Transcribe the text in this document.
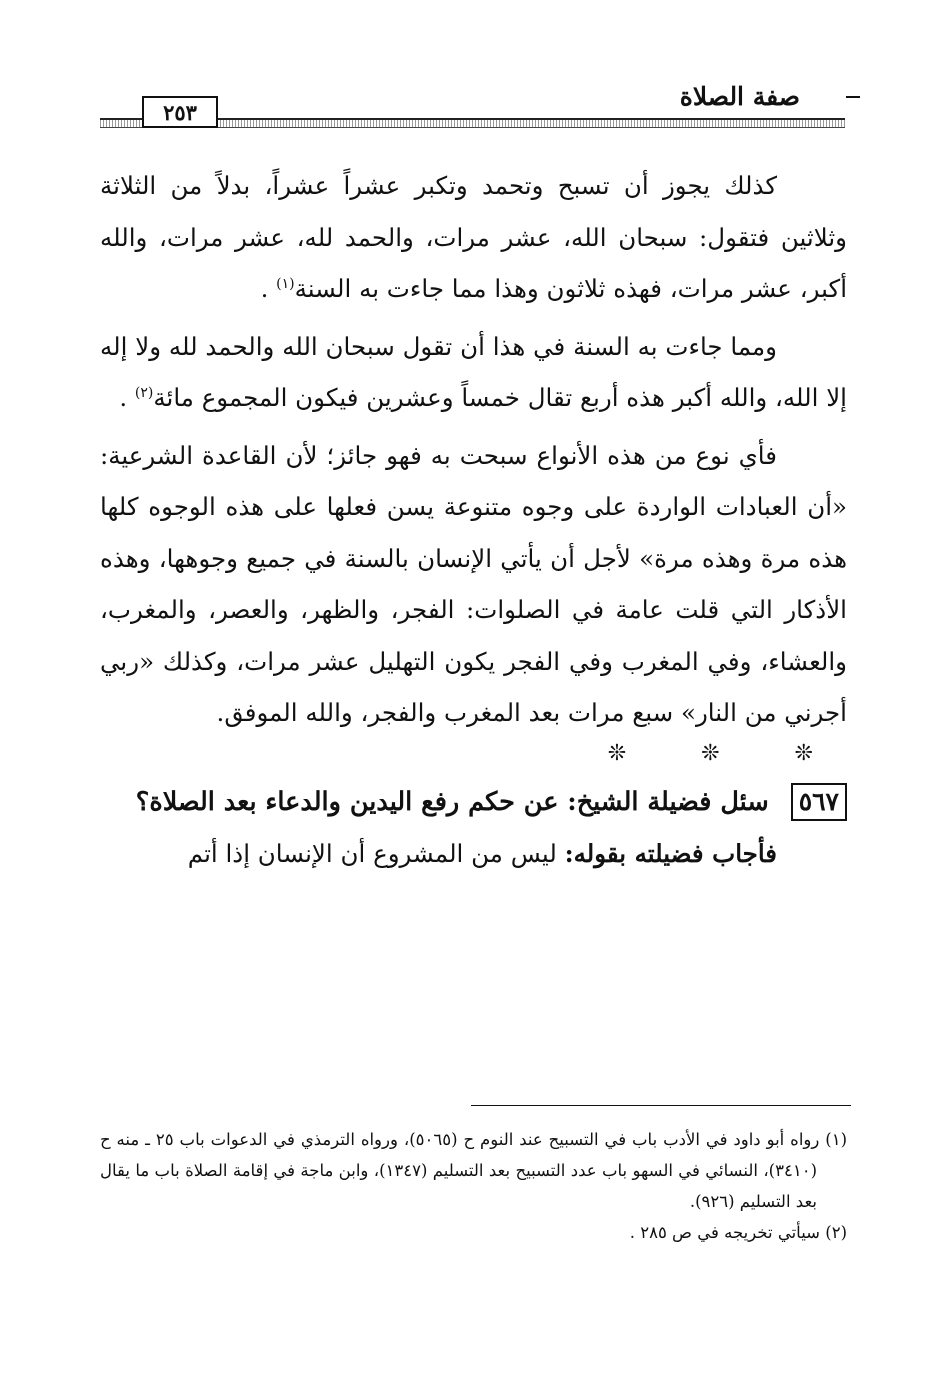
صفة الصلاة
٢٥٣

كذلك يجوز أن تسبح وتحمد وتكبر عشراً عشراً، بدلاً من الثلاثة وثلاثين فتقول: سبحان الله، عشر مرات، والحمد لله، عشر مرات، والله أكبر، عشر مرات، فهذه ثلاثون وهذا مما جاءت به السنة$^{(١)}$ .

ومما جاءت به السنة في هذا أن تقول سبحان الله والحمد لله ولا إله إلا الله، والله أكبر هذه أربع تقال خمساً وعشرين فيكون المجموع مائة$^{(٢)}$ .

فأي نوع من هذه الأنواع سبحت به فهو جائز؛ لأن القاعدة الشرعية: «أن العبادات الواردة على وجوه متنوعة يسن فعلها على هذه الوجوه كلها هذه مرة وهذه مرة» لأجل أن يأتي الإنسان بالسنة في جميع وجوهها، وهذه الأذكار التي قلت عامة في الصلوات: الفجر، والظهر، والعصر، والمغرب، والعشاء، وفي المغرب وفي الفجر يكون التهليل عشر مرات، وكذلك «ربي أجرني من النار» سبع مرات بعد المغرب والفجر، والله الموفق.

❊ ❊ ❊

٥٦٧سئل فضيلة الشيخ: عن حكم رفع اليدين والدعاء بعد الصلاة؟

فأجاب فضيلته بقوله: ليس من المشروع أن الإنسان إذا أتم

(١) رواه أبو داود في الأدب باب في التسبيح عند النوم ح (٥٠٦٥)، ورواه الترمذي في الدعوات باب ٢٥ ـ منه ح (٣٤١٠)، النسائي في السهو باب عدد التسبيح بعد التسليم (١٣٤٧)، وابن ماجة في إقامة الصلاة باب ما يقال بعد التسليم (٩٢٦).

(٢) سيأتي تخريجه في ص ٢٨٥ .
